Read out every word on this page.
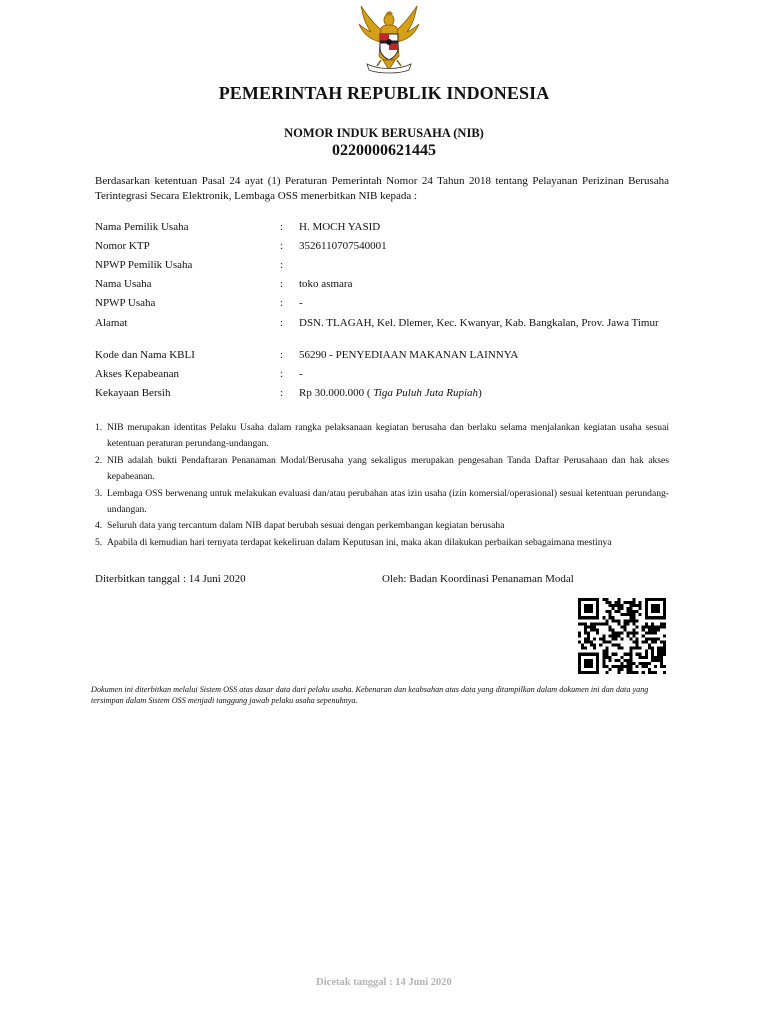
PEMERINTAH REPUBLIK INDONESIA
NOMOR INDUK BERUSAHA (NIB)
0220000621445
Berdasarkan ketentuan Pasal 24 ayat (1) Peraturan Pemerintah Nomor 24 Tahun 2018 tentang Pelayanan Perizinan Berusaha Terintegrasi Secara Elektronik, Lembaga OSS menerbitkan NIB kepada :
Nama Pemilik Usaha	: H. MOCH YASID
Nomor KTP	: 3526110707540001
NPWP Pemilik Usaha	:
Nama Usaha	: toko asmara
NPWP Usaha	: -
Alamat	: DSN. TLAGAH, Kel. Dlemer, Kec. Kwanyar, Kab. Bangkalan, Prov. Jawa Timur
Kode dan Nama KBLI	: 56290 - PENYEDIAAN MAKANAN LAINNYA
Akses Kepabeanan	: -
Kekayaan Bersih	: Rp 30.000.000 ( Tiga Puluh Juta Rupiah)
1. NIB merupakan identitas Pelaku Usaha dalam rangka pelaksanaan kegiatan berusaha dan berlaku selama menjalankan kegiatan usaha sesuai ketentuan peraturan perundang-undangan.
2. NIB adalah bukti Pendaftaran Penanaman Modal/Berusaha yang sekaligus merupakan pengesahan Tanda Daftar Perusahaan dan hak akses kepabeanan.
3. Lembaga OSS berwenang untuk melakukan evaluasi dan/atau perubahan atas izin usaha (izin komersial/operasional) sesuai ketentuan perundang-undangan.
4. Seluruh data yang tercantum dalam NIB dapat berubah sesuai dengan perkembangan kegiatan berusaha
5. Apabila di kemudian hari ternyata terdapat kekeliruan dalam Keputusan ini, maka akan dilakukan perbaikan sebagaimana mestinya
Diterbitkan tanggal : 14 Juni 2020	Oleh: Badan Koordinasi Penanaman Modal
Dokumen ini diterbitkan melalui Sistem OSS atas dasar data dari pelaku usaha. Kebenaran dan keabsahan atas data yang ditampilkan dalam dokumen ini dan data yang tersimpan dalam Sistem OSS menjadi tanggung jawab pelaku usaha sepenuhnya.
Dicetak tanggal : 14 Juni 2020
